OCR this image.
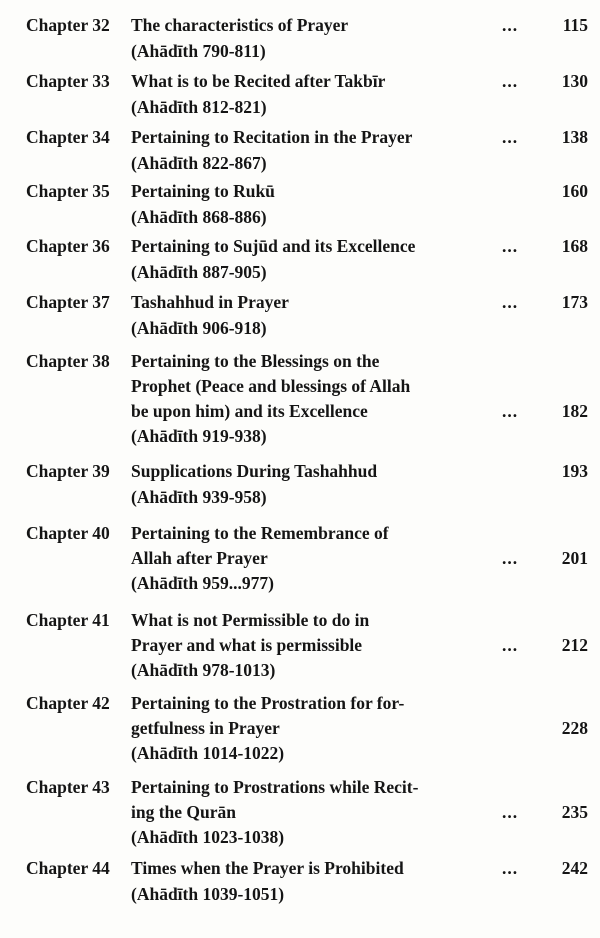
Chapter 32 The characteristics of Prayer
(Ahādīth 790-811)
...	115
Chapter 33 What is to be Recited after Takbīr
(Ahādīth 812-821)
...	130
Chapter 34 Pertaining to Recitation in the Prayer
(Ahādīth 822-867)
...	138
Chapter 35 Pertaining to Rukū
(Ahādīth 868-886)
160
Chapter 36 Pertaining to Sujūd and its Excellence
(Ahādīth 887-905)
...	168
Chapter 37 Tashahhud in Prayer
(Ahādīth 906-918)
...	173
Chapter 38 Pertaining to the Blessings on the
Prophet (Peace and blessings of Allah
be upon him) and its Excellence
(Ahādīth 919-938)
...	182
Chapter 39 Supplications During Tashahhud
(Ahādīth 939-958)
193
Chapter 40 Pertaining to the Remembrance of
Allah after Prayer
(Ahādīth 959...977)
...	201
Chapter 41 What is not Permissible to do in
Prayer and what is permissible
(Ahādīth 978-1013)
...	212
Chapter 42 Pertaining to the Prostration for for-
getfulness in Prayer
(Ahādīth 1014-1022)
228
Chapter 43 Pertaining to Prostrations while Recit-
ing the Qurān
(Ahādīth 1023-1038)
...	235
Chapter 44 Times when the Prayer is Prohibited
(Ahādīth 1039-1051)
...	242
